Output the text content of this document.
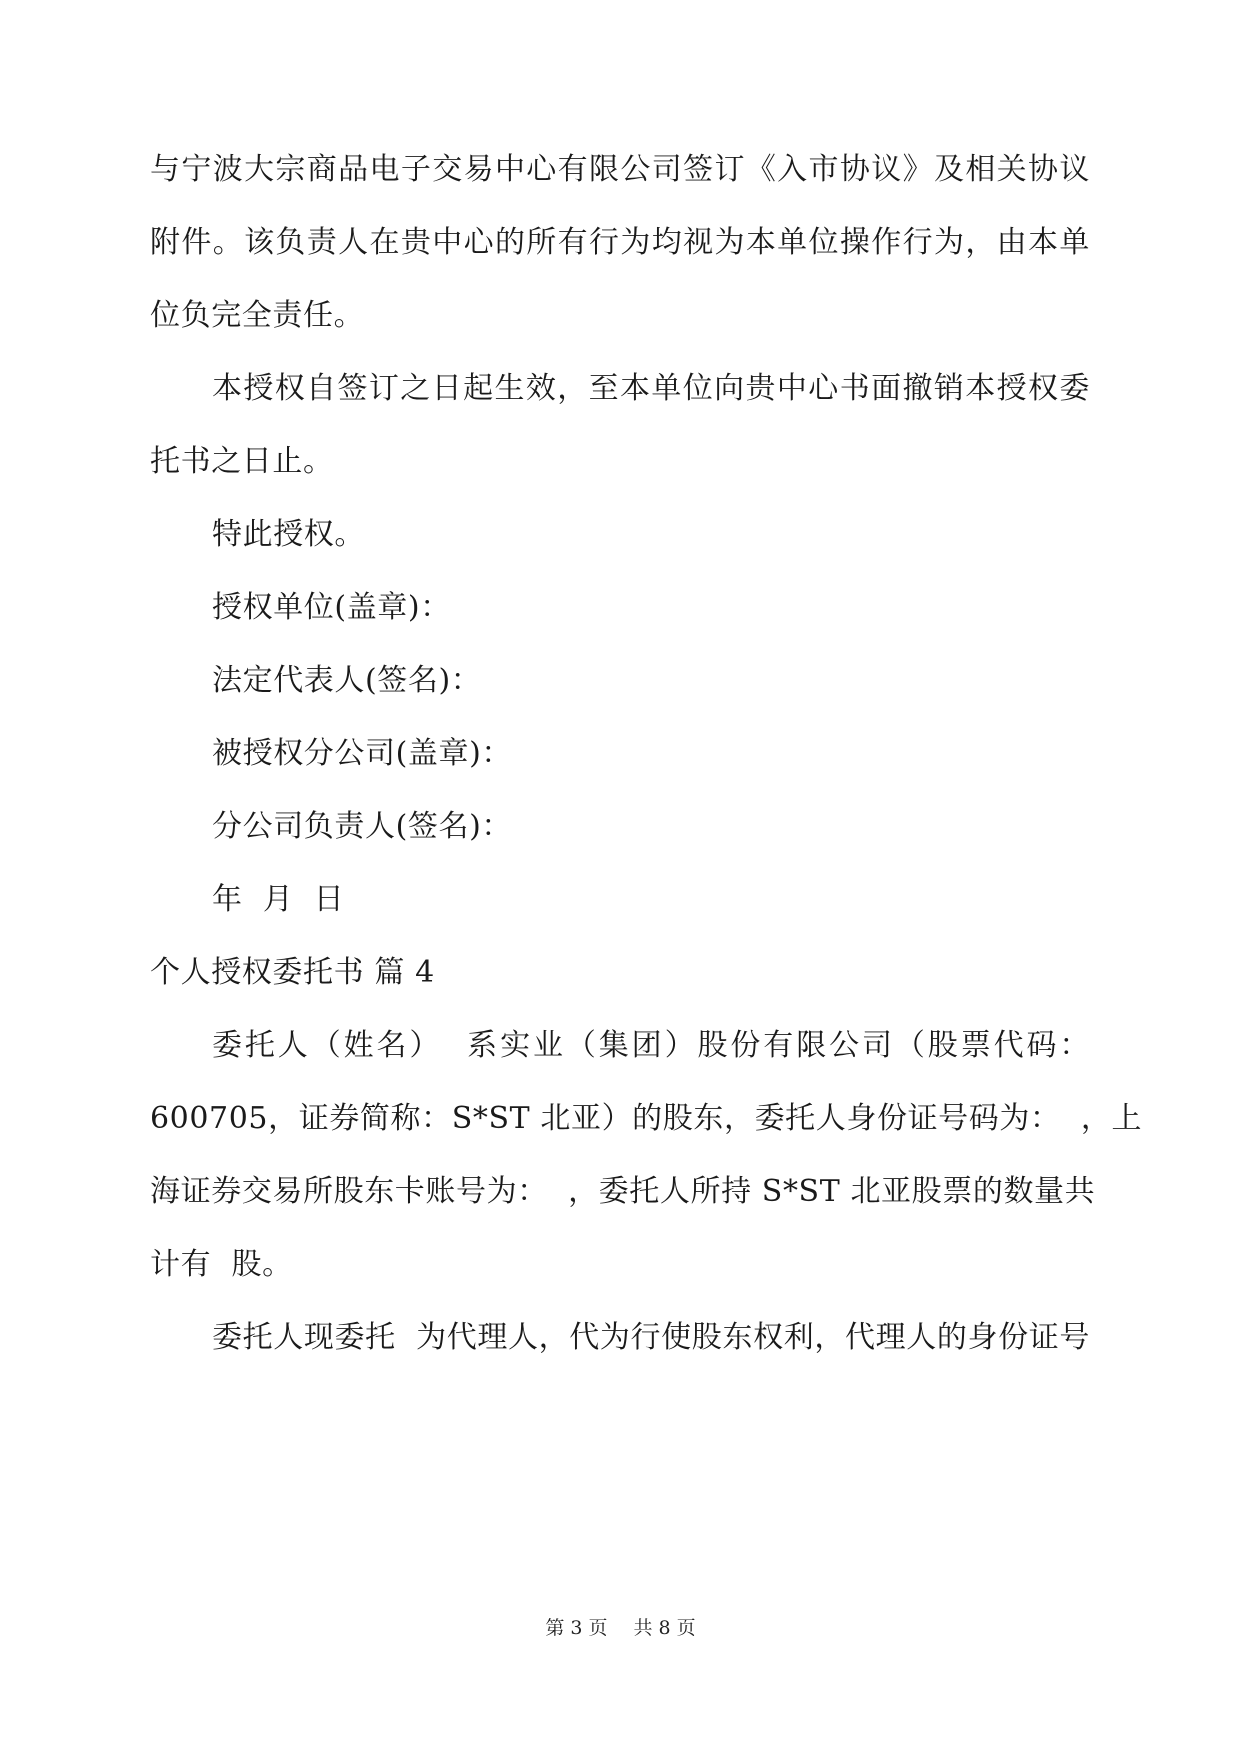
与宁波大宗商品电子交易中心有限公司签订《入市协议》及相关协议
附件。该负责人在贵中心的所有行为均视为本单位操作行为，由本单
位负完全责任。
本授权自签订之日起生效，至本单位向贵中心书面撤销本授权委
托书之日止。
特此授权。
授权单位(盖章)：
法定代表人(签名)：
被授权分公司(盖章)：
分公司负责人(签名)：
年  月  日
个人授权委托书 篇 4
委托人（姓名）  系实业（集团）股份有限公司（股票代码：
600705，证券简称：S*ST 北亚）的股东，委托人身份证号码为：  ，上
海证券交易所股东卡账号为：  ，委托人所持 S*ST 北亚股票的数量共
计有  股。
委托人现委托  为代理人，代为行使股东权利，代理人的身份证号
第 3 页 共 8 页
